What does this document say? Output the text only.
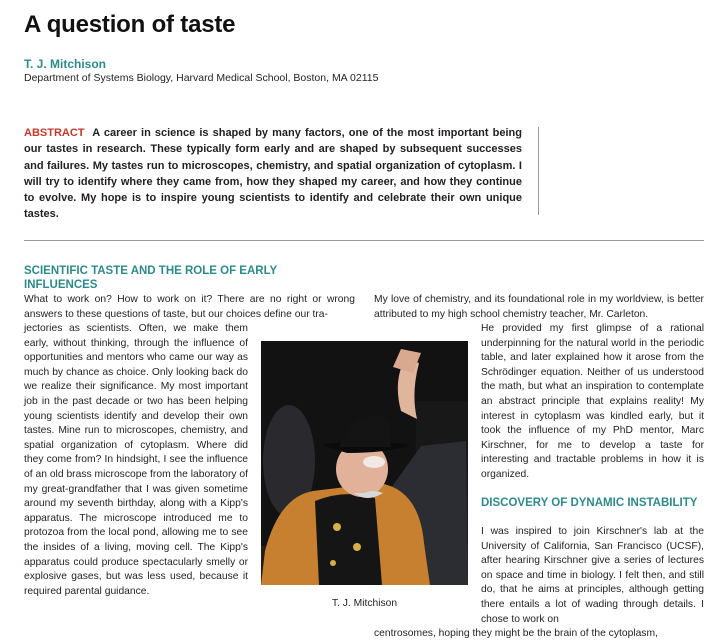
A question of taste
T. J. Mitchison
Department of Systems Biology, Harvard Medical School, Boston, MA 02115

ABSTRACT A career in science is shaped by many factors, one of the most important being our tastes in research. These typically form early and are shaped by subsequent successes and failures. My tastes run to microscopes, chemistry, and spatial organization of cytoplasm. I will try to identify where they came from, how they shaped my career, and how they continue to evolve. My hope is to inspire young scientists to identify and celebrate their own unique tastes.

SCIENTIFIC TASTE AND THE ROLE OF EARLY INFLUENCES

What to work on? How to work on it? There are no right or wrong answers to these questions of taste, but our choices define our tra-

jectories as scientists. Often, we make them early, without thinking, through the influence of opportunities and mentors who came our way as much by chance as choice. Only looking back do we realize their significance. My most important job in the past decade or two has been helping young scientists identify and develop their own tastes. Mine run to microscopes, chemistry, and spatial organization of cytoplasm. Where did they come from? In hindsight, I see the influence of an old brass microscope from the laboratory of my great-grandfather that I was given sometime around my seventh birthday, along with a Kipp's apparatus. The microscope introduced me to protozoa from the local pond, allowing me to see the insides of a living, moving cell. The Kipp's apparatus could produce spectacularly smelly or explosive gases, but was less used, because it required parental guidance.

T. J. Mitchison

My love of chemistry, and its foundational role in my worldview, is better attributed to my high school chemistry teacher, Mr. Carleton.

He provided my first glimpse of a rational underpinning for the natural world in the periodic table, and later explained how it arose from the Schrödinger equation. Neither of us understood the math, but what an inspiration to contemplate an abstract principle that explains reality! My interest in cytoplasm was kindled early, but it took the influence of my PhD mentor, Marc Kirschner, for me to develop a taste for interesting and tractable problems in how it is organized.

DISCOVERY OF DYNAMIC INSTABILITY

I was inspired to join Kirschner's lab at the University of California, San Francisco (UCSF), after hearing Kirschner give a series of lectures on space and time in biology. I felt then, and still do, that he aims at principles, although getting there entails a lot of wading through details. I chose to work on

centrosomes, hoping they might be the brain of the cytoplasm,
